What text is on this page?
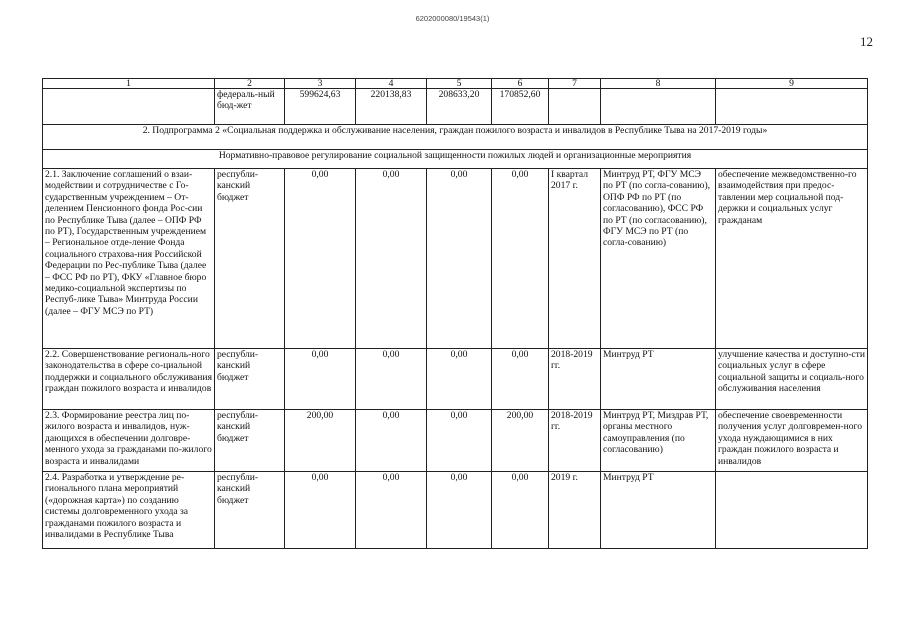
6202000080/19543(1)
12
1	2	3	4	5	6	7	8	9
	федераль-ный бюд-жет	599624,63	220138,83	208633,20	170852,60			
2. Подпрограмма 2 «Социальная поддержка и обслуживание населения, граждан пожилого возраста и инвалидов в Республике Тыва на 2017-2019 годы»								
Нормативно-правовое регулирование социальной защищенности пожилых людей и организационные мероприятия								
2.1. Заключение соглашений о взаи-модействии и сотрудничестве с Го-сударственным учреждением – От-делением Пенсионного фонда Рос-сии по Республике Тыва (далее – ОПФ РФ по РТ), Государственным учреждением – Региональное отде-ление Фонда социального страхова-ния Российской Федерации по Рес-публике Тыва (далее – ФСС РФ по РТ), ФКУ «Главное бюро медико-социальной экспертизы по Респуб-лике Тыва» Минтруда России (далее – ФГУ МСЭ по РТ)	республи-канский бюджет	0,00	0,00	0,00	0,00	I квартал 2017 г.	Минтруд РТ, ФГУ МСЭ по РТ (по согла-сованию), ОПФ РФ по РТ (по согласованию), ФСС РФ по РТ (по согласованию), ФГУ МСЭ по РТ (по согла-сованию)	обеспечение межведомственно-го взаимодействия при предос-тавлении мер социальной под-держки и социальных услуг гражданам
2.2. Совершенствование региональ-ного законодательства в сфере со-циальной поддержки и социального обслуживания граждан пожилого возраста и инвалидов	республи-канский бюджет	0,00	0,00	0,00	0,00	2018-2019 гг.	Минтруд РТ	улучшение качества и доступно-сти социальных услуг в сфере социальной защиты и социаль-ного обслуживания населения
2.3. Формирование реестра лиц по-жилого возраста и инвалидов, нуж-дающихся в обеспечении долговре-менного ухода за гражданами по-жилого возраста и инвалидами	республи-канский бюджет	200,00	0,00	0,00	200,00	2018-2019 гг.	Минтруд РТ, Миздрав РТ, органы местного самоуправления (по согласованию)	обеспечение своевременности получения услуг долговремен-ного ухода нуждающимися в них граждан пожилого возраста и инвалидов
2.4. Разработка и утверждение ре-гионального плана мероприятий («дорожная карта») по созданию системы долговременного ухода за гражданами пожилого возраста и инвалидами в Республике Тыва	республи-канский бюджет	0,00	0,00	0,00	0,00	2019 г.	Минтруд РТ	
